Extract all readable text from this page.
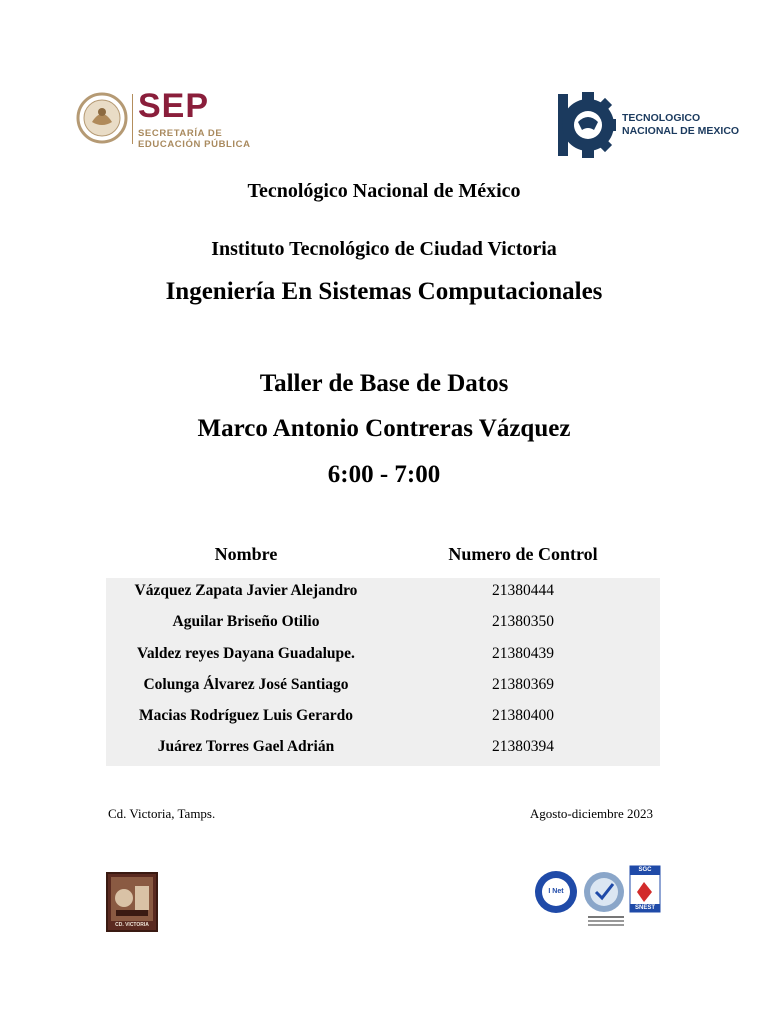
SEP
SECRETARÍA DE
EDUCACIÓN PÚBLICA
TECNOLOGICO
NACIONAL DE MEXICO
Tecnológico Nacional de México
Instituto Tecnológico de Ciudad Victoria
Ingeniería En Sistemas Computacionales
Taller de Base de Datos
Marco Antonio Contreras Vázquez
6:00 - 7:00
Nombre	Numero de Control
Vázquez Zapata Javier Alejandro	21380444
Aguilar Briseño Otilio	21380350
Valdez reyes Dayana Guadalupe.	21380439
Colunga Álvarez José Santiago	21380369
Macias Rodríguez Luis Gerardo	21380400
Juárez Torres Gael Adrián	21380394
Cd. Victoria, Tamps.	Agosto-diciembre 2023
CD. VICTORIA
I Net
SGC
SNEST
